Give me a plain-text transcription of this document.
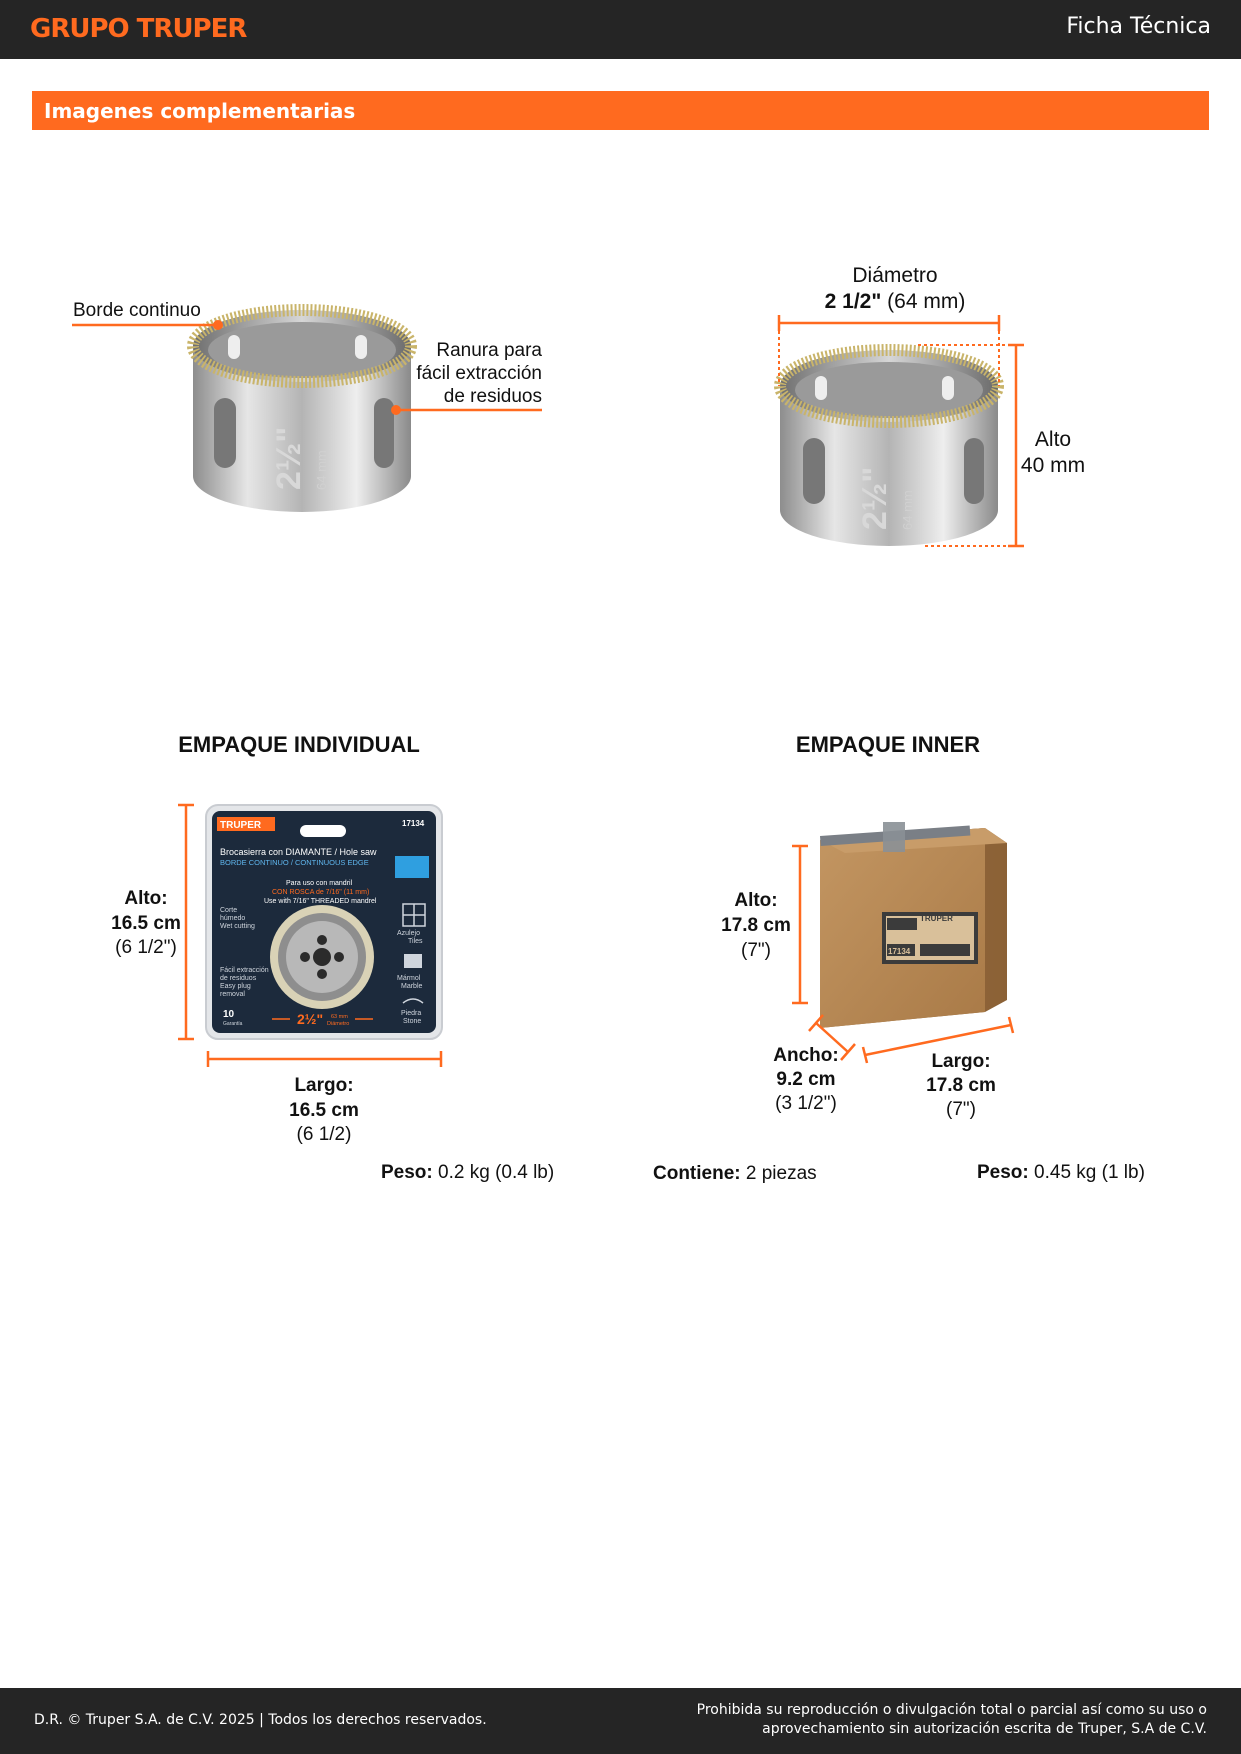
GRUPO TRUPER	Ficha Técnica
Imagenes complementarias
2½" 64 mm	2½" 64 mm
TRUPER	17134
Brocasierra con DIAMANTE / Hole saw
BORDE CONTINUO / CONTINUOUS EDGE
Para uso con mandril
CON ROSCA de 7/16" (11 mm)
Use with 7/16" THREADED mandrel
Corte
húmedo
Wet cutting
Fácil extracción
de residuos
Easy plug
removal
Azulejo
Tiles
Mármol
Marble
Piedra
Stone
2½" 63 mm
Diámetro
10
Garantía
TRUPER
17134
Borde continuo
Ranura para
fácil extracción
de residuos
Diámetro
2 1/2" (64 mm)
Alto
40 mm
EMPAQUE INDIVIDUAL
Alto:
16.5 cm
(6 1/2")
Largo:
16.5 cm
(6 1/2)
Peso: 0.2 kg (0.4 lb)
EMPAQUE INNER
Alto:
17.8 cm
(7")
Ancho:
9.2 cm
(3 1/2")
Largo:
17.8 cm
(7")
Contiene: 2 piezas	Peso: 0.45 kg (1 lb)
D.R. © Truper S.A. de C.V. 2025 | Todos los derechos reservados.
Prohibida su reproducción o divulgación total o parcial así como su uso o
aprovechamiento sin autorización escrita de Truper, S.A de C.V.
